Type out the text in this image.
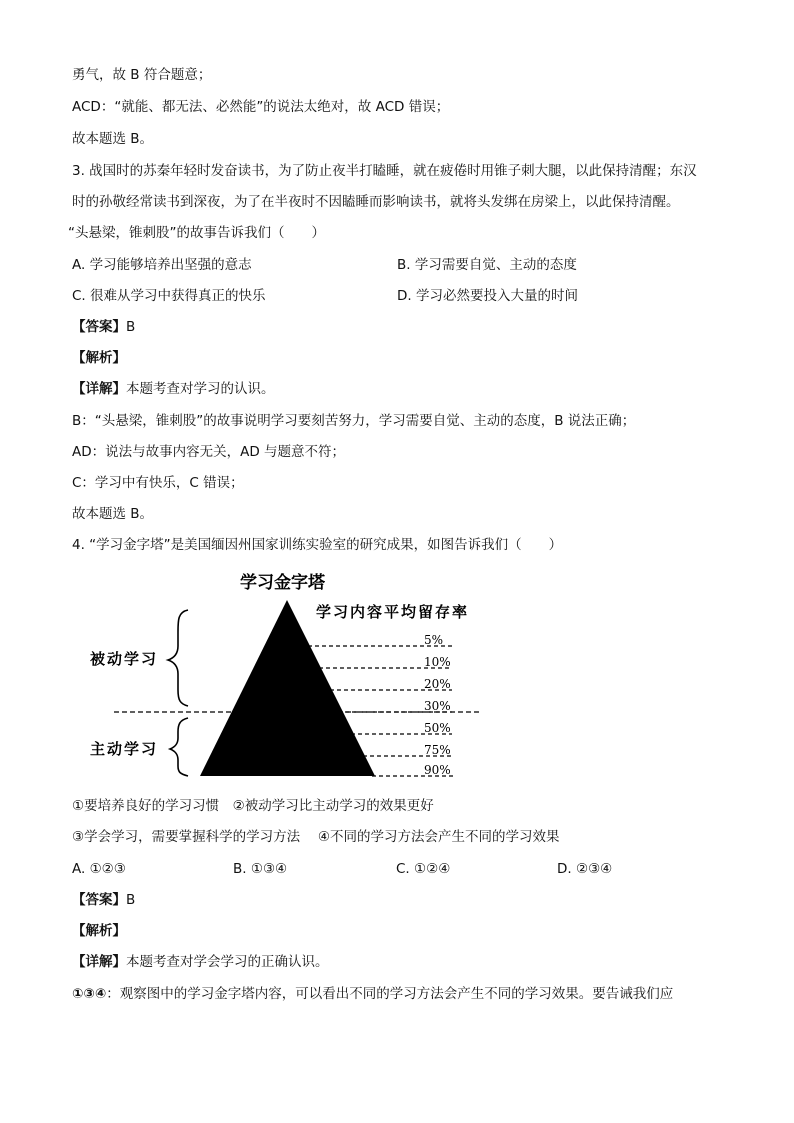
勇气，故 B 符合题意；
ACD：“就能、都无法、必然能”的说法太绝对，故 ACD 错误；
故本题选 B。
3. 战国时的苏秦年轻时发奋读书，为了防止夜半打瞌睡，就在疲倦时用锥子刺大腿，以此保持清醒；东汉
时的孙敬经常读书到深夜，为了在半夜时不因瞌睡而影响读书，就将头发绑在房梁上，以此保持清醒。
“头悬梁，锥刺股”的故事告诉我们（　　）
A. 学习能够培养出坚强的意志	B. 学习需要自觉、主动的态度
C. 很难从学习中获得真正的快乐	D. 学习必然要投入大量的时间
【答案】B
【解析】
【详解】本题考查对学习的认识。
B：“头悬梁，锥刺股”的故事说明学习要刻苦努力，学习需要自觉、主动的态度，B 说法正确；
AD：说法与故事内容无关，AD 与题意不符；
C：学习中有快乐，C 错误；
故本题选 B。
4. “学习金字塔”是美国缅因州国家训练实验室的研究成果，如图告诉我们（　　）
学习金字塔
学习内容平均留存率
被动学习
主动学习
5%
10%
20%
30%
50%
75%
90%
①要培养良好的学习习惯　②被动学习比主动学习的效果更好
③学会学习，需要掌握科学的学习方法　 ④不同的学习方法会产生不同的学习效果
A. ①②③	B. ①③④	C. ①②④	D. ②③④
【答案】B
【解析】
【详解】本题考查对学会学习的正确认识。
①③④：观察图中的学习金字塔内容，可以看出不同的学习方法会产生不同的学习效果。要告诫我们应
